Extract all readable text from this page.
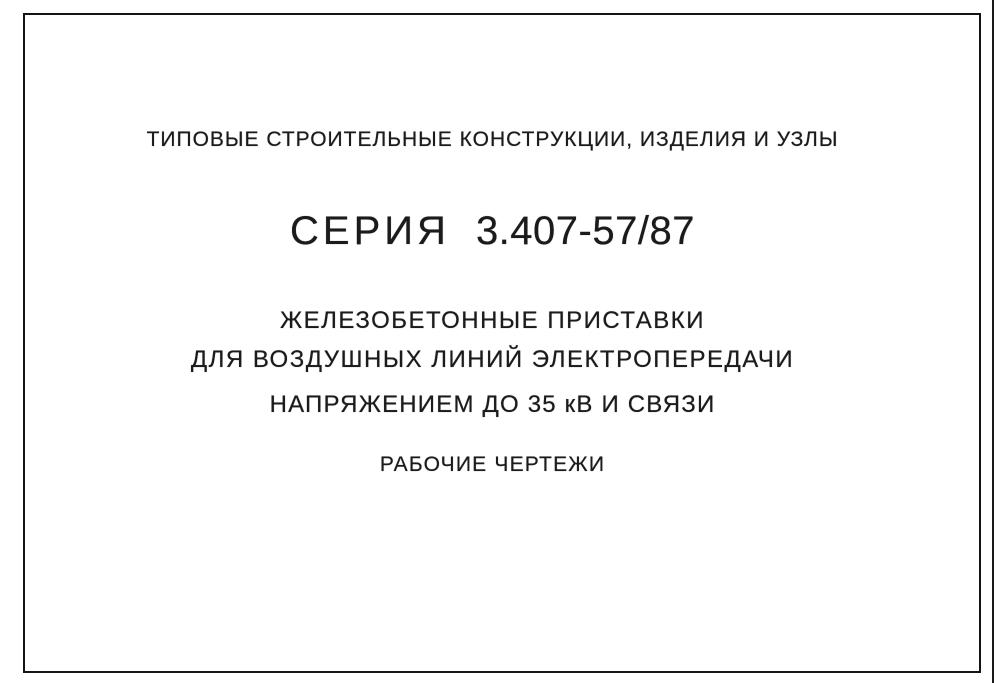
ТИПОВЫЕ СТРОИТЕЛЬНЫЕ КОНСТРУКЦИИ, ИЗДЕЛИЯ И УЗЛЫ
СЕРИЯ 3.407-57/87
ЖЕЛЕЗОБЕТОННЫЕ ПРИСТАВКИ
ДЛЯ ВОЗДУШНЫХ ЛИНИЙ ЭЛЕКТРОПЕРЕДАЧИ
НАПРЯЖЕНИЕМ ДО 35 кВ И СВЯЗИ
РАБОЧИЕ ЧЕРТЕЖИ
